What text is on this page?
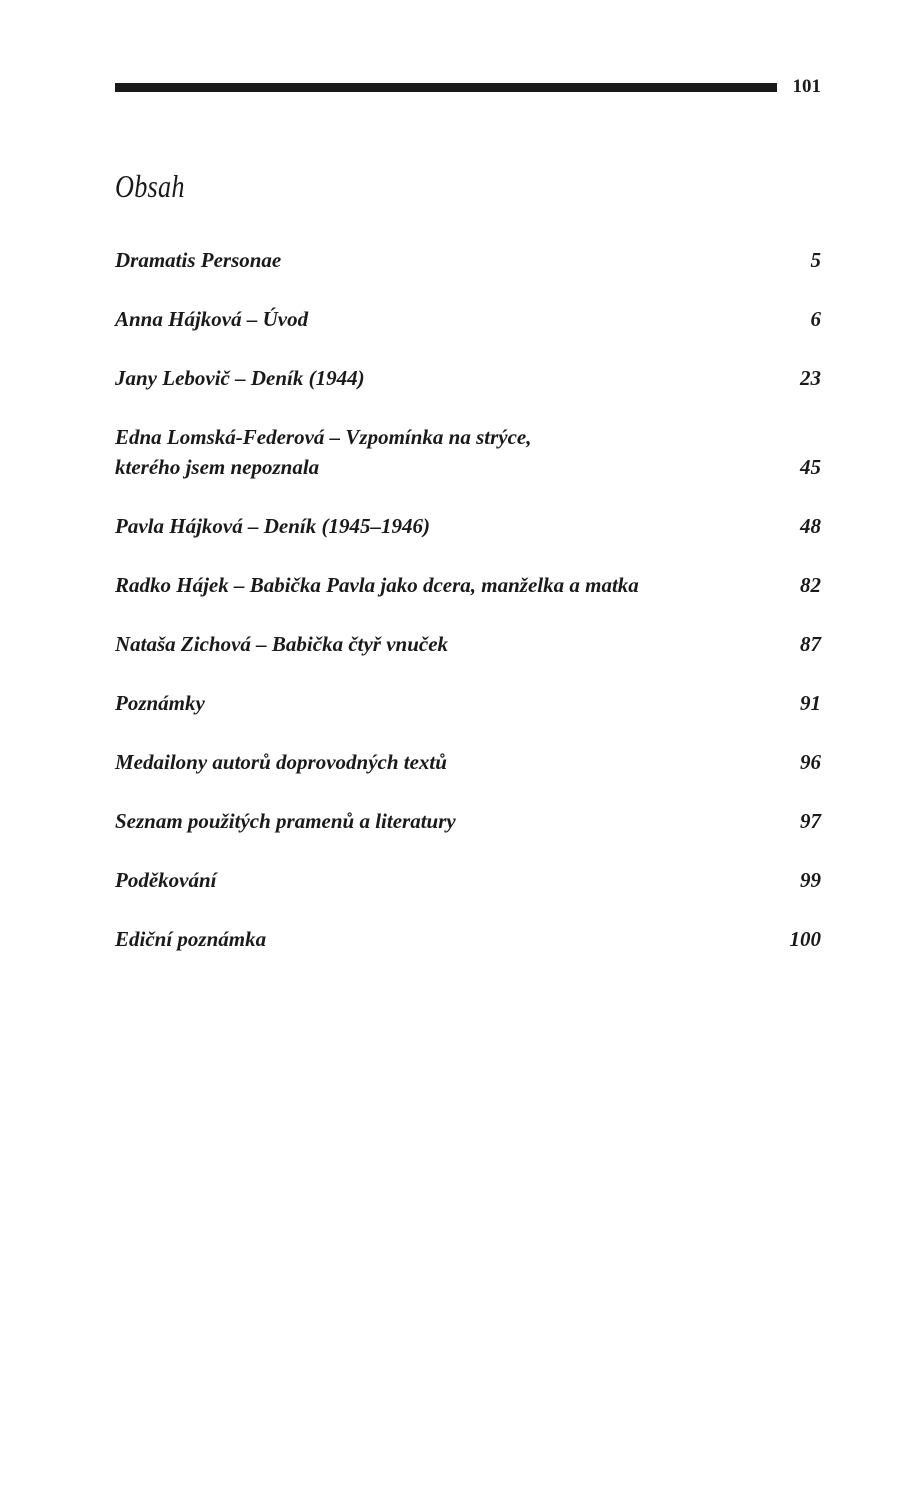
101
Obsah
Dramatis Personae	5
Anna Hájková – Úvod	6
Jany Lebovič – Deník (1944)	23
Edna Lomská-Federová – Vzpomínka na strýce,
kterého jsem nepoznala	45
Pavla Hájková – Deník (1945–1946)	48
Radko Hájek – Babička Pavla jako dcera, manželka a matka	82
Nataša Zichová – Babička čtyř vnuček	87
Poznámky	91
Medailony autorů doprovodných textů	96
Seznam použitých pramenů a literatury	97
Poděkování	99
Ediční poznámka	100
